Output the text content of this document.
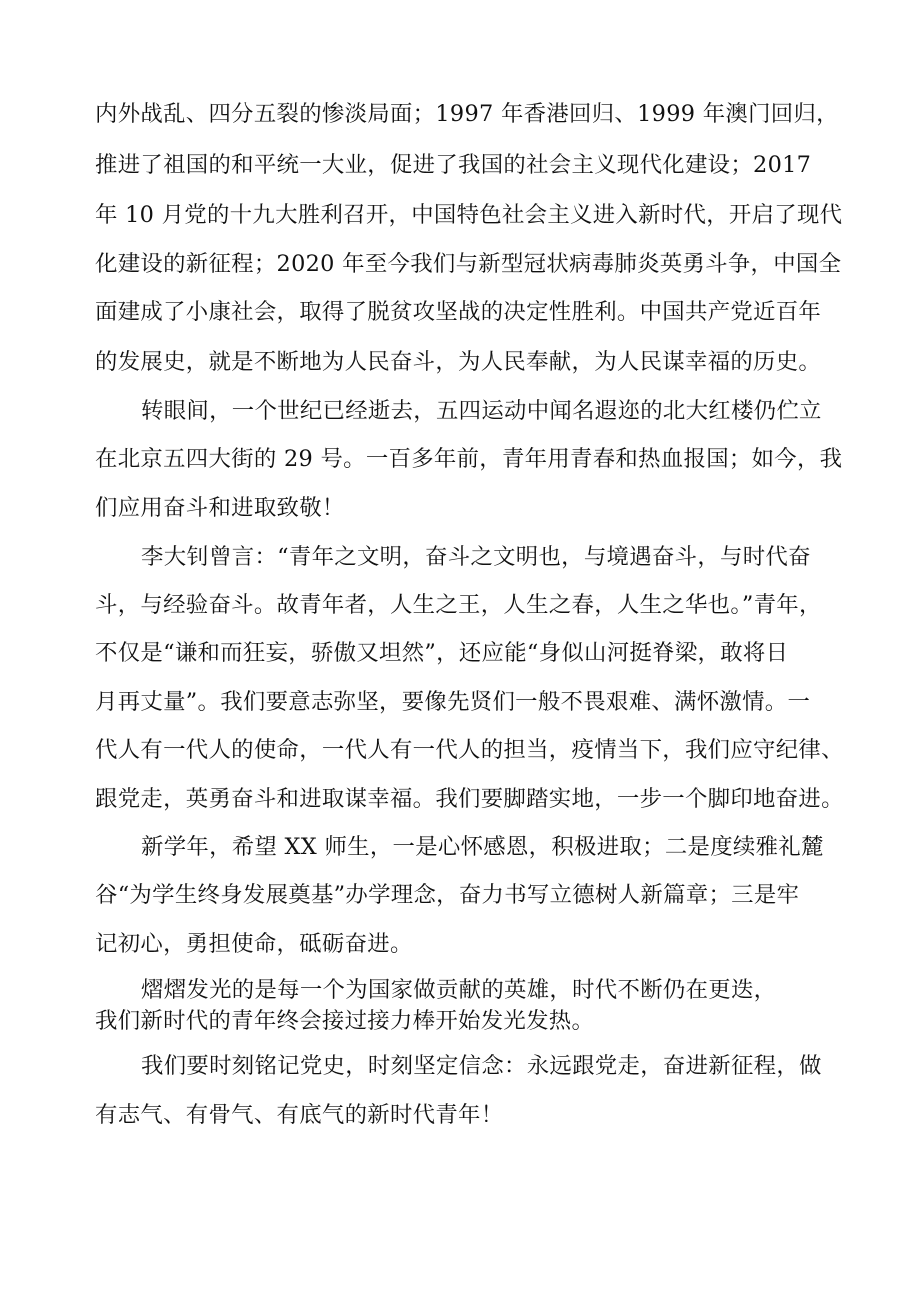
内外战乱、四分五裂的惨淡局面；1997 年香港回归、1999 年澳门回归，
推进了祖国的和平统一大业，促进了我国的社会主义现代化建设；2017
年 10 月党的十九大胜利召开，中国特色社会主义进入新时代，开启了现代
化建设的新征程；2020 年至今我们与新型冠状病毒肺炎英勇斗争，中国全
面建成了小康社会，取得了脱贫攻坚战的决定性胜利。中国共产党近百年
的发展史，就是不断地为人民奋斗，为人民奉献，为人民谋幸福的历史。
转眼间，一个世纪已经逝去，五四运动中闻名遐迩的北大红楼仍伫立
在北京五四大街的 29 号。一百多年前，青年用青春和热血报国；如今，我
们应用奋斗和进取致敬！
李大钊曾言：“青年之文明，奋斗之文明也，与境遇奋斗，与时代奋
斗，与经验奋斗。故青年者，人生之王，人生之春，人生之华也。”青年，
不仅是“谦和而狂妄，骄傲又坦然”，还应能“身似山河挺脊梁，敢将日
月再丈量”。我们要意志弥坚，要像先贤们一般不畏艰难、满怀激情。一
代人有一代人的使命，一代人有一代人的担当，疫情当下，我们应守纪律、
跟党走，英勇奋斗和进取谋幸福。我们要脚踏实地，一步一个脚印地奋进。
新学年，希望 XX 师生，一是心怀感恩，积极进取；二是度续雅礼麓
谷“为学生终身发展奠基”办学理念，奋力书写立德树人新篇章；三是牢
记初心，勇担使命，砥砺奋进。
熠熠发光的是每一个为国家做贡献的英雄，时代不断仍在更迭，
我们新时代的青年终会接过接力棒开始发光发热。
我们要时刻铭记党史，时刻坚定信念：永远跟党走，奋进新征程，做
有志气、有骨气、有底气的新时代青年！
